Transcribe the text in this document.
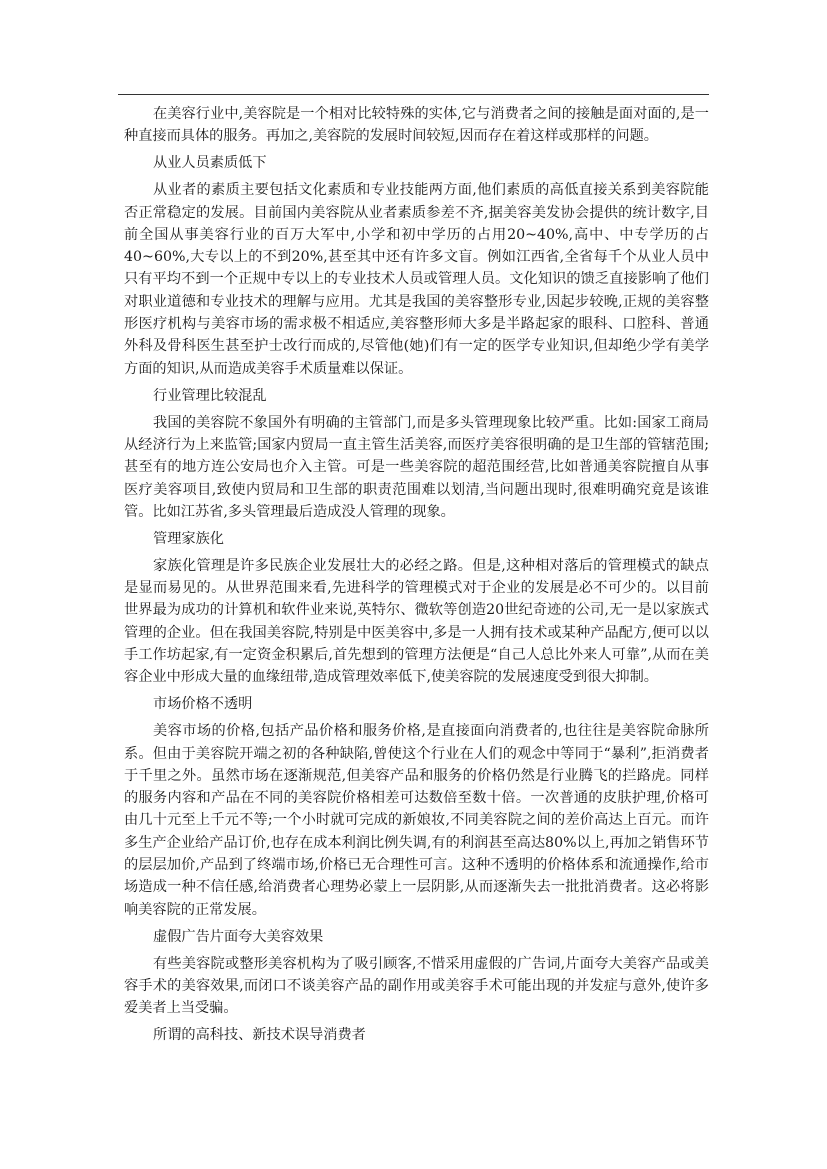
在美容行业中,美容院是一个相对比较特殊的实体,它与消费者之间的接触是面对面的,是一种直接而具体的服务。再加之,美容院的发展时间较短,因而存在着这样或那样的问题。

从业人员素质低下

从业者的素质主要包括文化素质和专业技能两方面,他们素质的高低直接关系到美容院能否正常稳定的发展。目前国内美容院从业者素质参差不齐,据美容美发协会提供的统计数字,目前全国从事美容行业的百万大军中,小学和初中学历的占用20~40%,高中、中专学历的占40~60%,大专以上的不到20%,甚至其中还有许多文盲。例如江西省,全省每千个从业人员中只有平均不到一个正规中专以上的专业技术人员或管理人员。文化知识的馈乏直接影响了他们对职业道德和专业技术的理解与应用。尤其是我国的美容整形专业,因起步较晚,正规的美容整形医疗机构与美容市场的需求极不相适应,美容整形师大多是半路起家的眼科、口腔科、普通外科及骨科医生甚至护士改行而成的,尽管他(她)们有一定的医学专业知识,但却绝少学有美学方面的知识,从而造成美容手术质量难以保证。

行业管理比较混乱

我国的美容院不象国外有明确的主管部门,而是多头管理现象比较严重。比如:国家工商局从经济行为上来监管;国家内贸局一直主管生活美容,而医疗美容很明确的是卫生部的管辖范围;甚至有的地方连公安局也介入主管。可是一些美容院的超范围经营,比如普通美容院擅自从事医疗美容项目,致使内贸局和卫生部的职责范围难以划清,当问题出现时,很难明确究竟是该谁管。比如江苏省,多头管理最后造成没人管理的现象。

管理家族化

家族化管理是许多民族企业发展壮大的必经之路。但是,这种相对落后的管理模式的缺点是显而易见的。从世界范围来看,先进科学的管理模式对于企业的发展是必不可少的。以目前世界最为成功的计算机和软件业来说,英特尔、微软等创造20世纪奇迹的公司,无一是以家族式管理的企业。但在我国美容院,特别是中医美容中,多是一人拥有技术或某种产品配方,便可以以手工作坊起家,有一定资金积累后,首先想到的管理方法便是“自己人总比外来人可靠”,从而在美容企业中形成大量的血缘纽带,造成管理效率低下,使美容院的发展速度受到很大抑制。

市场价格不透明

美容市场的价格,包括产品价格和服务价格,是直接面向消费者的,也往往是美容院命脉所系。但由于美容院开端之初的各种缺陷,曾使这个行业在人们的观念中等同于“暴利”,拒消费者于千里之外。虽然市场在逐渐规范,但美容产品和服务的价格仍然是行业腾飞的拦路虎。同样的服务内容和产品在不同的美容院价格相差可达数倍至数十倍。一次普通的皮肤护理,价格可由几十元至上千元不等;一个小时就可完成的新娘妆,不同美容院之间的差价高达上百元。而许多生产企业给产品订价,也存在成本利润比例失调,有的利润甚至高达80%以上,再加之销售环节的层层加价,产品到了终端市场,价格已无合理性可言。这种不透明的价格体系和流通操作,给市场造成一种不信任感,给消费者心理势必蒙上一层阴影,从而逐渐失去一批批消费者。这必将影响美容院的正常发展。

虚假广告片面夸大美容效果

有些美容院或整形美容机构为了吸引顾客,不惜采用虚假的广告词,片面夸大美容产品或美容手术的美容效果,而闭口不谈美容产品的副作用或美容手术可能出现的并发症与意外,使许多爱美者上当受骗。

所谓的高科技、新技术误导消费者
